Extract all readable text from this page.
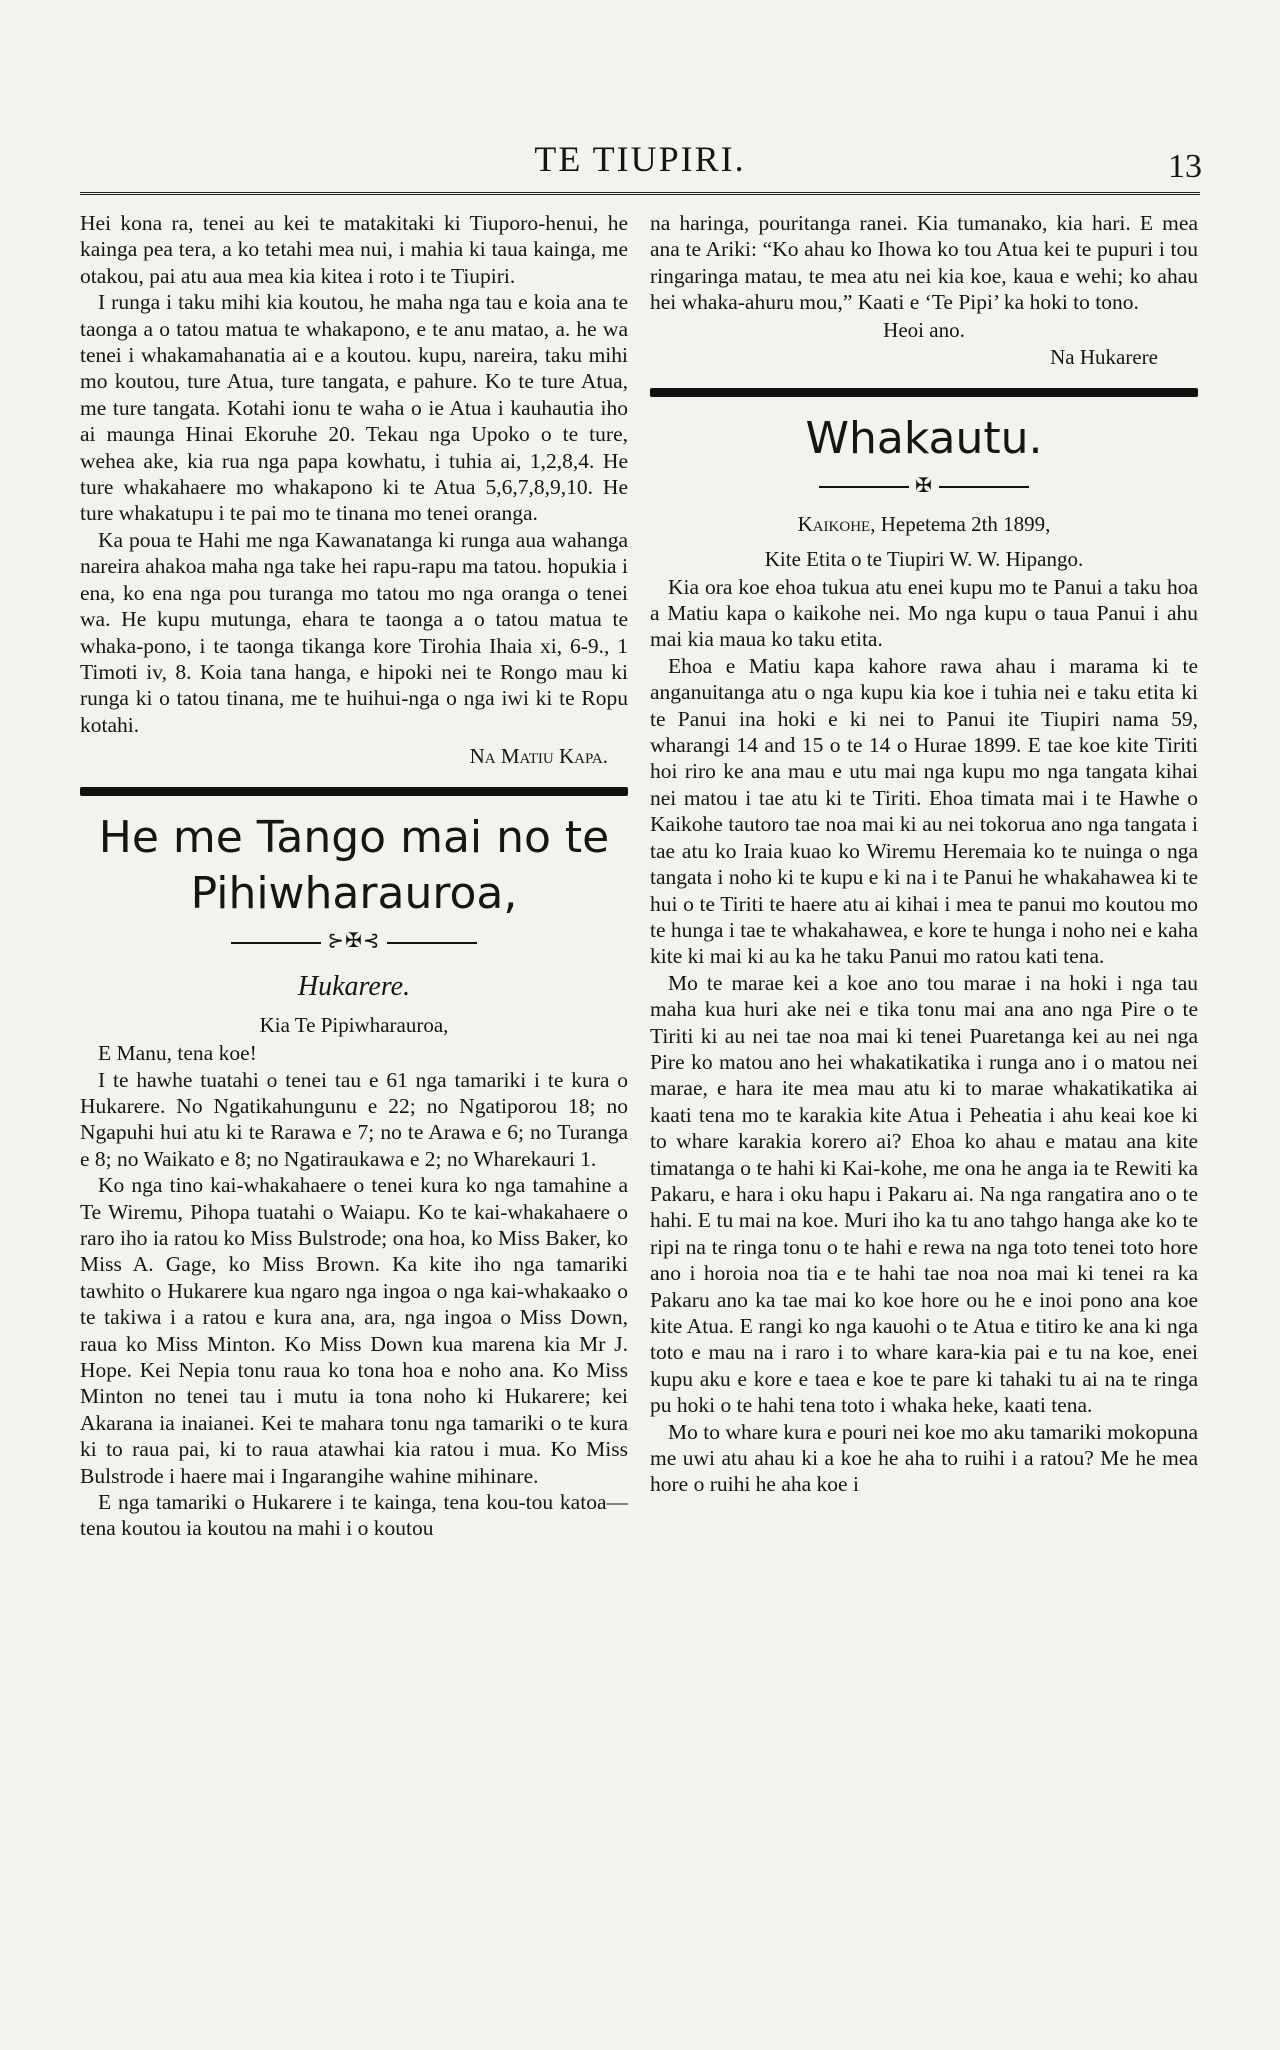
TE TIUPIRI.	13

Hei kona ra, tenei au kei te matakitaki ki Tiuporo-henui, he kainga pea tera, a ko tetahi mea nui, i mahia ki taua kainga, me otakou, pai atu aua mea kia kitea i roto i te Tiupiri.

I runga i taku mihi kia koutou, he maha nga tau e koia ana te taonga a o tatou matua te whakapono, e te anu matao, a. he wa tenei i whakamahanatia ai e a koutou. kupu, nareira, taku mihi mo koutou, ture Atua, ture tangata, e pahure. Ko te ture Atua, me ture tangata. Kotahi ionu te waha o ie Atua i kauhautia iho ai maunga Hinai Ekoruhe 20. Tekau nga Upoko o te ture, wehea ake, kia rua nga papa kowhatu, i tuhia ai, 1,2,8,4. He ture whakahaere mo whakapono ki te Atua 5,6,7,8,9,10. He ture whakatupu i te pai mo te tinana mo tenei oranga.

Ka poua te Hahi me nga Kawanatanga ki runga aua wahanga nareira ahakoa maha nga take hei rapu-rapu ma tatou. hopukia i ena, ko ena nga pou turanga mo tatou mo nga oranga o tenei wa. He kupu mutunga, ehara te taonga a o tatou matua te whaka-pono, i te taonga tikanga kore Tirohia Ihaia xi, 6-9., 1 Timoti iv, 8. Koia tana hanga, e hipoki nei te Rongo mau ki runga ki o tatou tinana, me te huihui-nga o nga iwi ki te Ropu kotahi.

Na Matiu Kapa.
He me Tango mai no te Pihiwharauroa,
⊱✠⊰
Hukarere.
Kia Te Pipiwharauroa,

E Manu, tena koe!

I te hawhe tuatahi o tenei tau e 61 nga tamariki i te kura o Hukarere. No Ngatikahungunu e 22; no Ngatiporou 18; no Ngapuhi hui atu ki te Rarawa e 7; no te Arawa e 6; no Turanga e 8; no Waikato e 8; no Ngatiraukawa e 2; no Wharekauri 1.

Ko nga tino kai-whakahaere o tenei kura ko nga tamahine a Te Wiremu, Pihopa tuatahi o Waiapu. Ko te kai-whakahaere o raro iho ia ratou ko Miss Bulstrode; ona hoa, ko Miss Baker, ko Miss A. Gage, ko Miss Brown. Ka kite iho nga tamariki tawhito o Hukarere kua ngaro nga ingoa o nga kai-whakaako o te takiwa i a ratou e kura ana, ara, nga ingoa o Miss Down, raua ko Miss Minton. Ko Miss Down kua marena kia Mr J. Hope. Kei Nepia tonu raua ko tona hoa e noho ana. Ko Miss Minton no tenei tau i mutu ia tona noho ki Hukarere; kei Akarana ia inaianei. Kei te mahara tonu nga tamariki o te kura ki to raua pai, ki to raua atawhai kia ratou i mua. Ko Miss Bulstrode i haere mai i Ingarangihe wahine mihinare.

E nga tamariki o Hukarere i te kainga, tena kou-tou katoa—tena koutou ia koutou na mahi i o koutou

na haringa, pouritanga ranei. Kia tumanako, kia hari. E mea ana te Ariki: “Ko ahau ko Ihowa ko tou Atua kei te pupuri i tou ringaringa matau, te mea atu nei kia koe, kaua e wehi; ko ahau hei whaka-ahuru mou,” Kaati e ‘Te Pipi’ ka hoki to tono.

Heoi ano.
Na Hukarere
Whakautu.
✠
Kaikohe, Hepetema 2th 1899,
Kite Etita o te Tiupiri W. W. Hipango.

Kia ora koe ehoa tukua atu enei kupu mo te Panui a taku hoa a Matiu kapa o kaikohe nei. Mo nga kupu o taua Panui i ahu mai kia maua ko taku etita.

Ehoa e Matiu kapa kahore rawa ahau i marama ki te anganuitanga atu o nga kupu kia koe i tuhia nei e taku etita ki te Panui ina hoki e ki nei to Panui ite Tiupiri nama 59, wharangi 14 and 15 o te 14 o Hurae 1899. E tae koe kite Tiriti hoi riro ke ana mau e utu mai nga kupu mo nga tangata kihai nei matou i tae atu ki te Tiriti. Ehoa timata mai i te Hawhe o Kaikohe tautoro tae noa mai ki au nei tokorua ano nga tangata i tae atu ko Iraia kuao ko Wiremu Heremaia ko te nuinga o nga tangata i noho ki te kupu e ki na i te Panui he whakahawea ki te hui o te Tiriti te haere atu ai kihai i mea te panui mo koutou mo te hunga i tae te whakahawea, e kore te hunga i noho nei e kaha kite ki mai ki au ka he taku Panui mo ratou kati tena.

Mo te marae kei a koe ano tou marae i na hoki i nga tau maha kua huri ake nei e tika tonu mai ana ano nga Pire o te Tiriti ki au nei tae noa mai ki tenei Puaretanga kei au nei nga Pire ko matou ano hei whakatikatika i runga ano i o matou nei marae, e hara ite mea mau atu ki to marae whakatikatika ai kaati tena mo te karakia kite Atua i Peheatia i ahu keai koe ki to whare karakia korero ai? Ehoa ko ahau e matau ana kite timatanga o te hahi ki Kai-kohe, me ona he anga ia te Rewiti ka Pakaru, e hara i oku hapu i Pakaru ai. Na nga rangatira ano o te hahi. E tu mai na koe. Muri iho ka tu ano tahgo hanga ake ko te ripi na te ringa tonu o te hahi e rewa na nga toto tenei toto hore ano i horoia noa tia e te hahi tae noa noa mai ki tenei ra ka Pakaru ano ka tae mai ko koe hore ou he e inoi pono ana koe kite Atua. E rangi ko nga kauohi o te Atua e titiro ke ana ki nga toto e mau na i raro i to whare kara-kia pai e tu na koe, enei kupu aku e kore e taea e koe te pare ki tahaki tu ai na te ringa pu hoki o te hahi tena toto i whaka heke, kaati tena.

Mo to whare kura e pouri nei koe mo aku tamariki mokopuna me uwi atu ahau ki a koe he aha to ruihi i a ratou? Me he mea hore o ruihi he aha koe i
